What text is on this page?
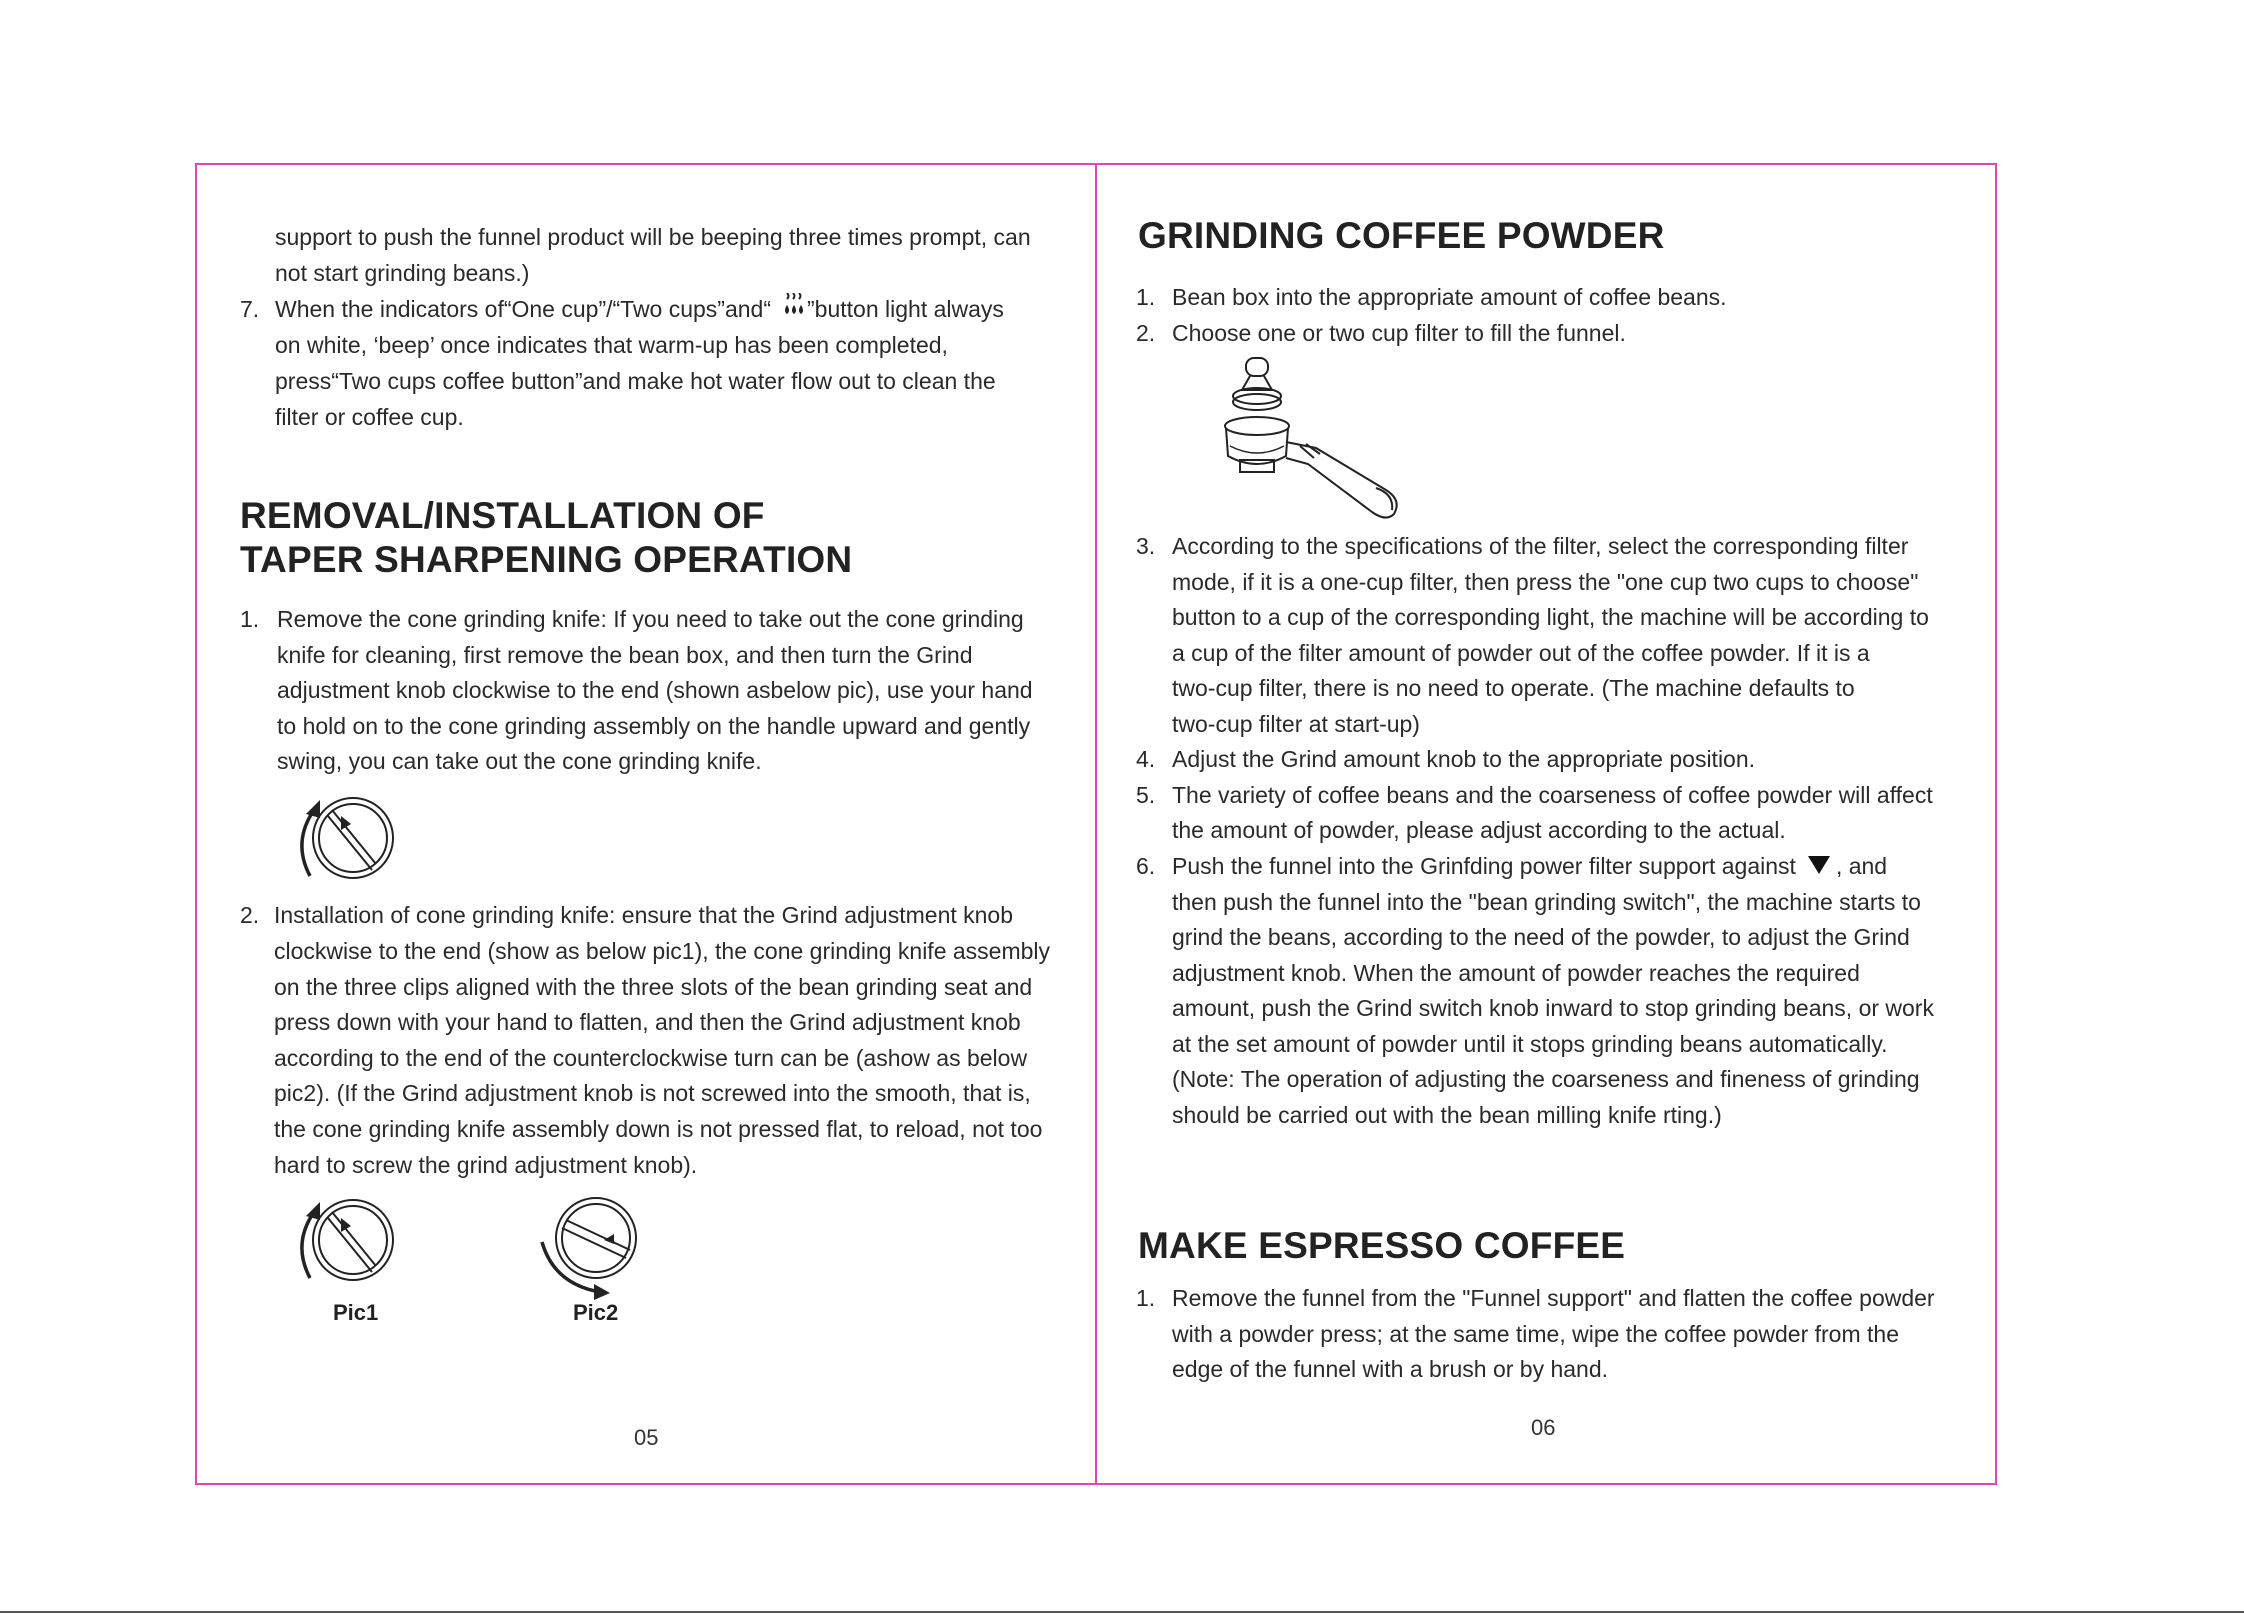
support to push the funnel product will be beeping three times prompt, can
not start grinding beans.)
7. When the indicators of“One cup”/“Two cups”and“ ”button light always
on white, ‘beep’ once indicates that warm-up has been completed,
press“Two cups coffee button”and make hot water flow out to clean the
filter or coffee cup.
REMOVAL/INSTALLATION OF
TAPER SHARPENING OPERATION
1. Remove the cone grinding knife: If you need to take out the cone grinding
knife for cleaning, first remove the bean box, and then turn the Grind
adjustment knob clockwise to the end (shown asbelow pic), use your hand
to hold on to the cone grinding assembly on the handle upward and gently
swing, you can take out the cone grinding knife.
2. Installation of cone grinding knife: ensure that the Grind adjustment knob
clockwise to the end (show as below pic1), the cone grinding knife assembly
on the three clips aligned with the three slots of the bean grinding seat and
press down with your hand to flatten, and then the Grind adjustment knob
according to the end of the counterclockwise turn can be (ashow as below
pic2). (If the Grind adjustment knob is not screwed into the smooth, that is,
the cone grinding knife assembly down is not pressed flat, to reload, not too
hard to screw the grind adjustment knob).
Pic1	Pic2
05
GRINDING COFFEE POWDER
1. Bean box into the appropriate amount of coffee beans.
2. Choose one or two cup filter to fill the funnel.
3. According to the specifications of the filter, select the corresponding filter
mode, if it is a one-cup filter, then press the "one cup two cups to choose"
button to a cup of the corresponding light, the machine will be according to
a cup of the filter amount of powder out of the coffee powder. If it is a
two-cup filter, there is no need to operate. (The machine defaults to
two-cup filter at start-up)
4. Adjust the Grind amount knob to the appropriate position.
5. The variety of coffee beans and the coarseness of coffee powder will affect
the amount of powder, please adjust according to the actual.
6. Push the funnel into the Grinfding power filter support against , and
then push the funnel into the "bean grinding switch", the machine starts to
grind the beans, according to the need of the powder, to adjust the Grind
adjustment knob. When the amount of powder reaches the required
amount, push the Grind switch knob inward to stop grinding beans, or work
at the set amount of powder until it stops grinding beans automatically.
(Note: The operation of adjusting the coarseness and fineness of grinding
should be carried out with the bean milling knife rting.)
MAKE ESPRESSO COFFEE
1. Remove the funnel from the "Funnel support" and flatten the coffee powder
with a powder press; at the same time, wipe the coffee powder from the
edge of the funnel with a brush or by hand.
06
